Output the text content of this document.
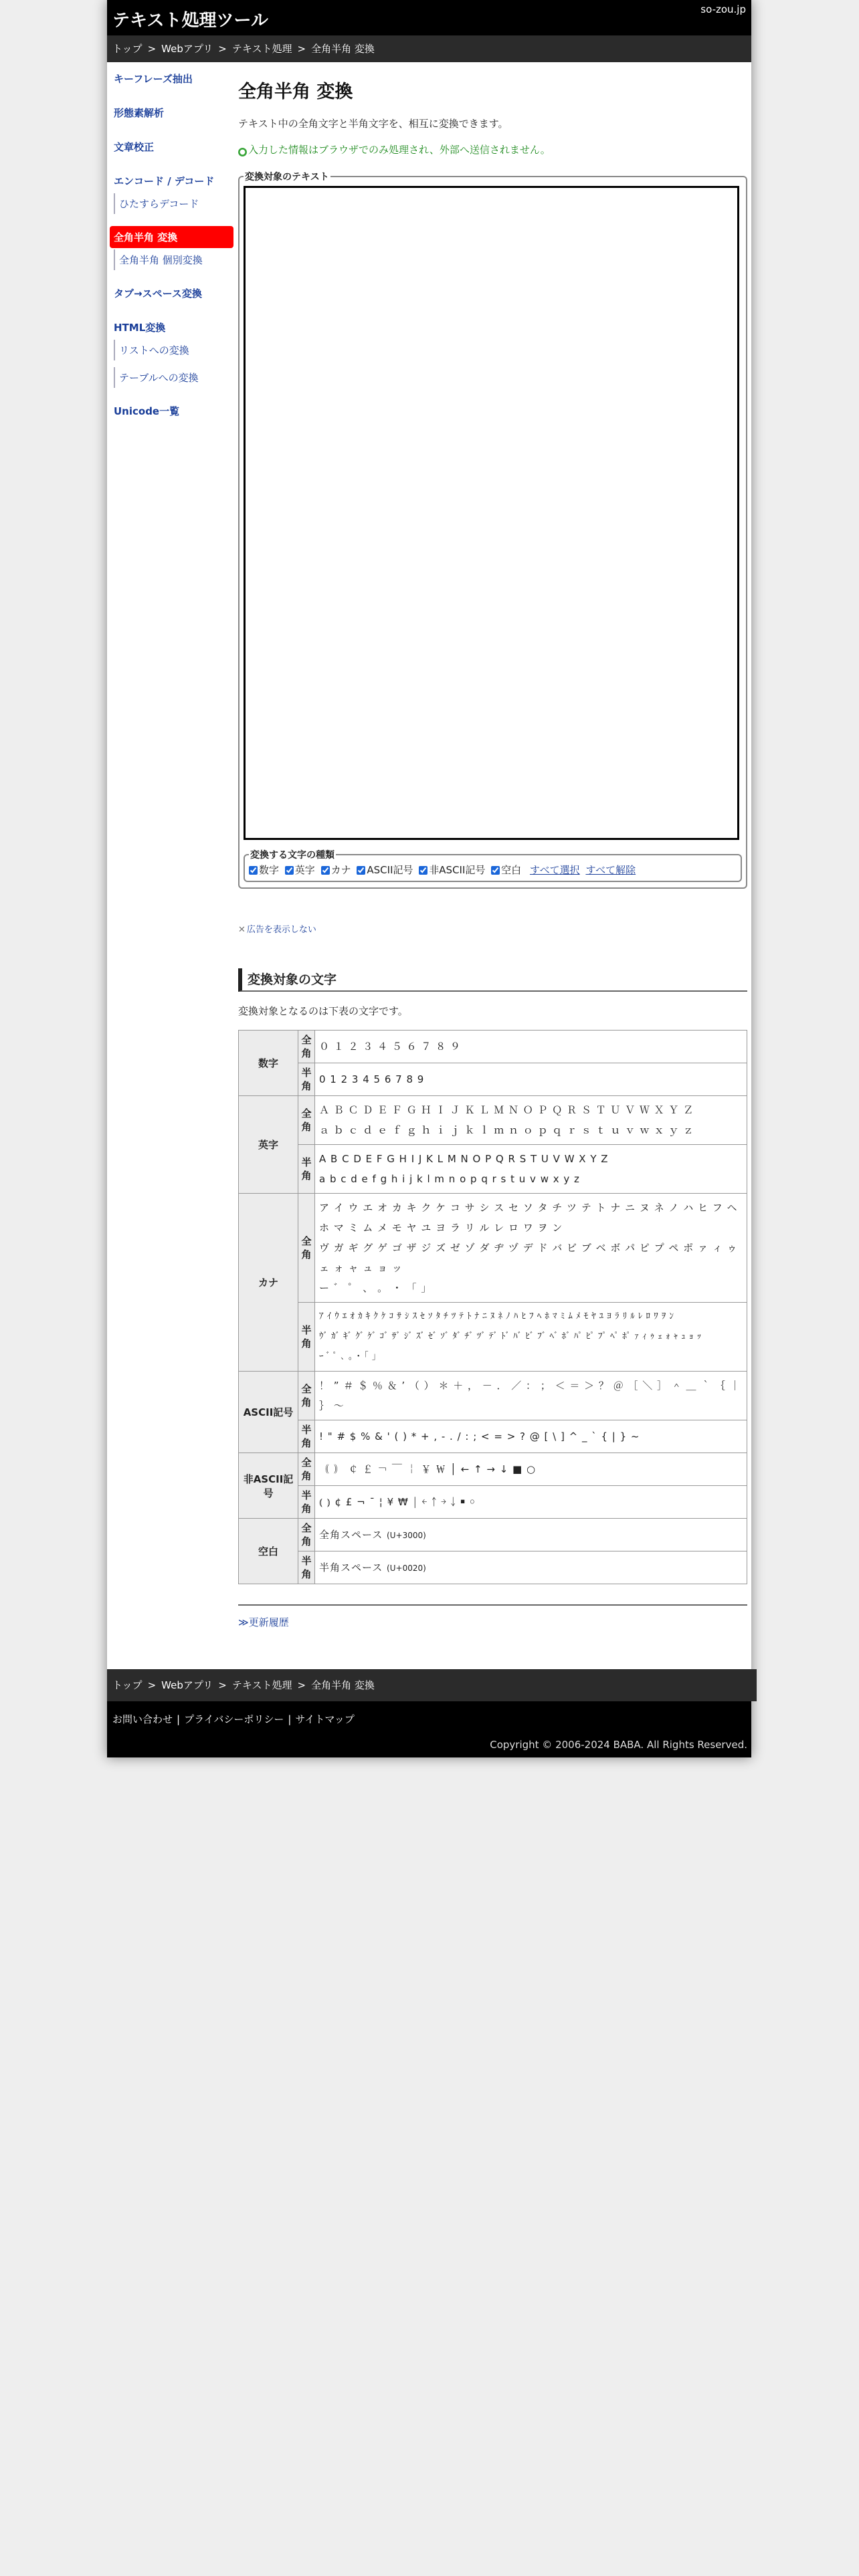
テキスト処理ツール
so-zou.jp
トップ > Webアプリ > テキスト処理 > 全角半角 変換
キーフレーズ抽出
形態素解析
文章校正
エンコード / デコード
ひたすらデコード
全角半角 変換
全角半角 個別変換
タブ→スペース変換
HTML変換
リストへの変換
テーブルへの変換
Unicode一覧
全角半角 変換

テキスト中の全角文字と半角文字を、相互に変換できます。

● 入力した情報はブラウザでのみ処理され、外部へ送信されません。

変換対象のテキスト
変換する文字の種類
数字 英字 カナ ASCII記号 非ASCII記号 空白 すべて選択 すべて解除
✕ 広告を表示しない
変換対象の文字

変換対象となるのは下表の文字です。

数字	全角	０ １ ２ ３ ４ ５ ６ ７ ８ ９

	半角	0 1 2 3 4 5 6 7 8 9

英字	全角	Ａ Ｂ Ｃ Ｄ Ｅ Ｆ Ｇ Ｈ Ｉ Ｊ Ｋ Ｌ Ｍ Ｎ Ｏ Ｐ Ｑ Ｒ Ｓ Ｔ Ｕ Ｖ Ｗ Ｘ Ｙ Ｚ
ａ ｂ ｃ ｄ ｅ ｆ ｇ ｈ ｉ ｊ ｋ ｌ ｍ ｎ ｏ ｐ ｑ ｒ ｓ ｔ ｕ ｖ ｗ ｘ ｙ ｚ

	半角	A B C D E F G H I J K L M N O P Q R S T U V W X Y Z
a b c d e f g h i j k l m n o p q r s t u v w x y z

カナ	全角	ア イ ウ エ オ カ キ ク ケ コ サ シ ス セ ソ タ チ ツ テ ト ナ ニ ヌ ネ ノ ハ ヒ フ ヘ ホ マ ミ ム メ モ ヤ ユ ヨ ラ リ ル レ ロ ワ ヲ ン
ヴ ガ ギ グ ゲ ゴ ザ ジ ズ ゼ ゾ ダ ヂ ヅ デ ド バ ビ ブ ベ ボ パ ピ プ ペ ポ ァ ィ ゥ ェ ォ ャ ュ ョ ッ
ー ゛ ゜ 、 。 ・ 「 」

	半角	ｱ ｲ ｳ ｴ ｵ ｶ ｷ ｸ ｹ ｺ ｻ ｼ ｽ ｾ ｿ ﾀ ﾁ ﾂ ﾃ ﾄ ﾅ ﾆ ﾇ ﾈ ﾉ ﾊ ﾋ ﾌ ﾍ ﾎ ﾏ ﾐ ﾑ ﾒ ﾓ ﾔ ﾕ ﾖ ﾗ ﾘ ﾙ ﾚ ﾛ ﾜ ｦ ﾝ
ｳﾞ ｶﾞ ｷﾞ ｸﾞ ｹﾞ ｺﾞ ｻﾞ ｼﾞ ｽﾞ ｾﾞ ｿﾞ ﾀﾞ ﾁﾞ ﾂﾞ ﾃﾞ ﾄﾞ ﾊﾞ ﾋﾞ ﾌﾞ ﾍﾞ ﾎﾞ ﾊﾟ ﾋﾟ ﾌﾟ ﾍﾟ ﾎﾟ ｧ ｨ ｩ ｪ ｫ ｬ ｭ ｮ ｯ
ｰ ﾞ ﾟ ､ ｡ ･ ｢ ｣

ASCII記号	全角	！ ” ＃ ＄ ％ ＆ ’ （ ） ＊ ＋ ， － ． ／ ： ； ＜ ＝ ＞ ？ ＠ ［ ＼ ］ ＾ ＿ ｀ ｛ ｜ ｝ 〜

	半角	! " # $ % & ' ( ) * + , - . / : ; < = > ? @ [ \ ] ^ _ ` { | } ~

非ASCII記号	全角	｟ ｠ ￠ ￡ ￢ ￣ ￤ ￥ ￦ │ ← ↑ → ↓ ■ ○

	半角	⦅ ⦆ ¢ £ ¬ ¯ ¦ ¥ ₩ ￨ ￩ ￪ ￫ ￬ ￭ ￮

空白	全角	全角スペース (U+3000)
	半角	半角スペース (U+0020)
≫更新履歴
トップ > Webアプリ > テキスト処理 > 全角半角 変換
お問い合わせ | プライバシーポリシー | サイトマップ
Copyright © 2006-2024 BABA. All Rights Reserved.
